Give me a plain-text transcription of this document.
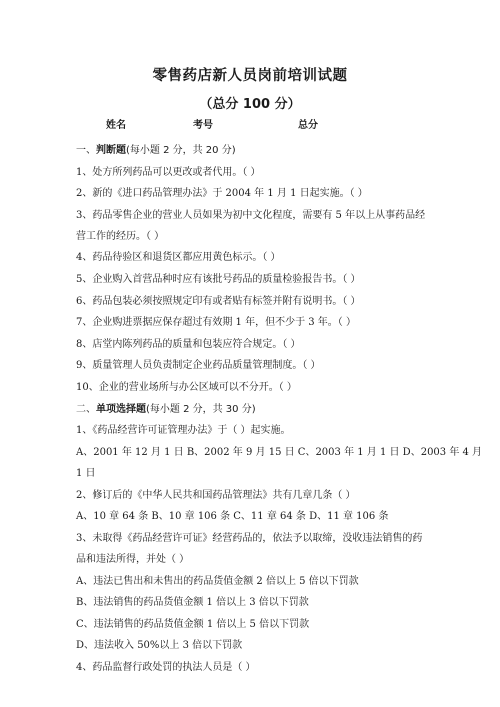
零售药店新人员岗前培训试题
（总分 100 分）
姓名	考号	总分
一、判断题(每小题 2 分，共 20 分)
1、处方所列药品可以更改或者代用。（ ）
2、新的《进口药品管理办法》于 2004 年 1 月 1 日起实施。（ ）
3、药品零售企业的营业人员如果为初中文化程度，需要有 5 年以上从事药品经
营工作的经历。（ ）
4、药品待验区和退货区都应用黄色标示。（ ）
5、企业购入首营品种时应有该批号药品的质量检验报告书。（ ）
6、药品包装必须按照规定印有或者贴有标签并附有说明书。（ ）
7、企业购进票据应保存超过有效期 1 年，但不少于 3 年。（ ）
8、店堂内陈列药品的质量和包装应符合规定。（ ）
9、质量管理人员负责制定企业药品质量管理制度。（ ）
10、企业的营业场所与办公区域可以不分开。（ ）
二、单项选择题(每小题 2 分，共 30 分)
1、《药品经营许可证管理办法》于（ ）起实施。
A、2001 年 12 月 1 日 B、2002 年 9 月 15 日 C、2003 年 1 月 1 日 D、2003 年 4 月
1 日
2、修订后的《中华人民共和国药品管理法》共有几章几条（ ）
A、10 章 64 条 B、10 章 106 条 C、11 章 64 条 D、11 章 106 条
3、未取得《药品经营许可证》经营药品的，依法予以取缔，没收违法销售的药
品和违法所得，并处（ ）
A、违法已售出和未售出的药品货值金额 2 倍以上 5 倍以下罚款
B、违法销售的药品货值金额 1 倍以上 3 倍以下罚款
C、违法销售的药品货值金额 1 倍以上 5 倍以下罚款
D、违法收入 50%以上 3 倍以下罚款
4、药品监督行政处罚的执法人员是（ ）
